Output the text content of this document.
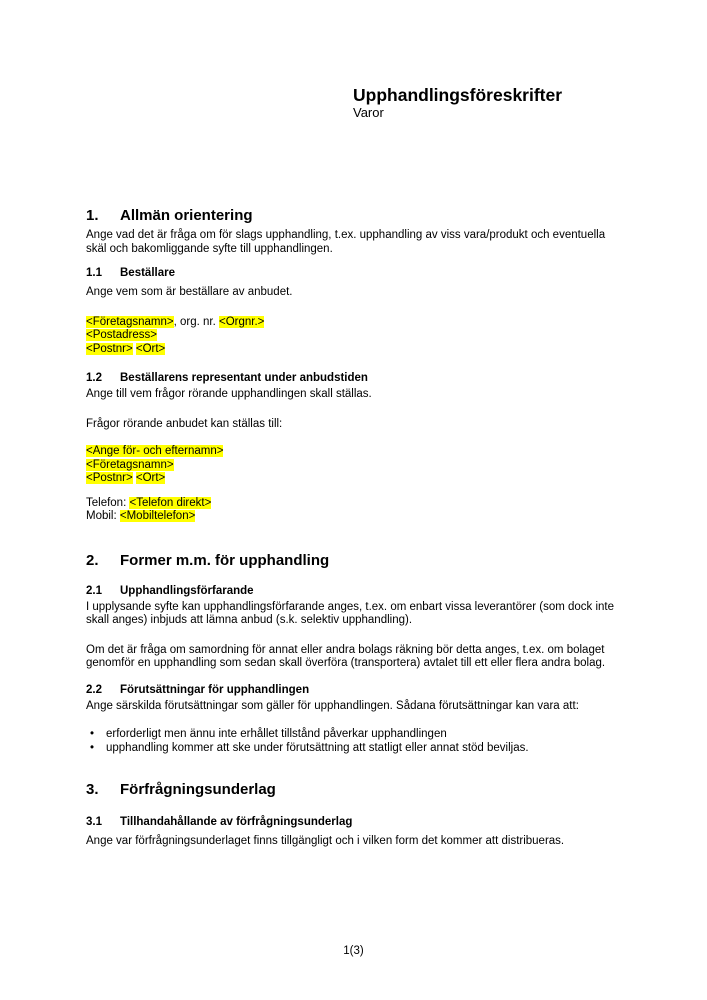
Upphandlingsföreskrifter
Varor
1. Allmän orientering

Ange vad det är fråga om för slags upphandling, t.ex. upphandling av viss vara/produkt och eventuella skäl och bakomliggande syfte till upphandlingen.

1.1 Beställare

Ange vem som är beställare av anbudet.

<Företagsnamn>, org. nr. <Orgnr.>

<Postadress>

<Postnr> <Ort>

1.2 Beställarens representant under anbudstiden

Ange till vem frågor rörande upphandlingen skall ställas.

Frågor rörande anbudet kan ställas till:

<Ange för- och efternamn>

<Företagsnamn>

<Postnr> <Ort>

Telefon: <Telefon direkt>

Mobil: <Mobiltelefon>

2. Former m.m. för upphandling
2.1 Upphandlingsförfarande

I upplysande syfte kan upphandlingsförfarande anges, t.ex. om enbart vissa leverantörer (som dock inte skall anges) inbjuds att lämna anbud (s.k. selektiv upphandling).

Om det är fråga om samordning för annat eller andra bolags räkning bör detta anges, t.ex. om bolaget genomför en upphandling som sedan skall överföra (transportera) avtalet till ett eller flera andra bolag.

2.2 Förutsättningar för upphandlingen

Ange särskilda förutsättningar som gäller för upphandlingen. Sådana förutsättningar kan vara att:

• erforderligt men ännu inte erhållet tillstånd påverkar upphandlingen

• upphandling kommer att ske under förutsättning att statligt eller annat stöd beviljas.

3. Förfrågningsunderlag
3.1 Tillhandahållande av förfrågningsunderlag

Ange var förfrågningsunderlaget finns tillgängligt och i vilken form det kommer att distribueras.

1(3)
